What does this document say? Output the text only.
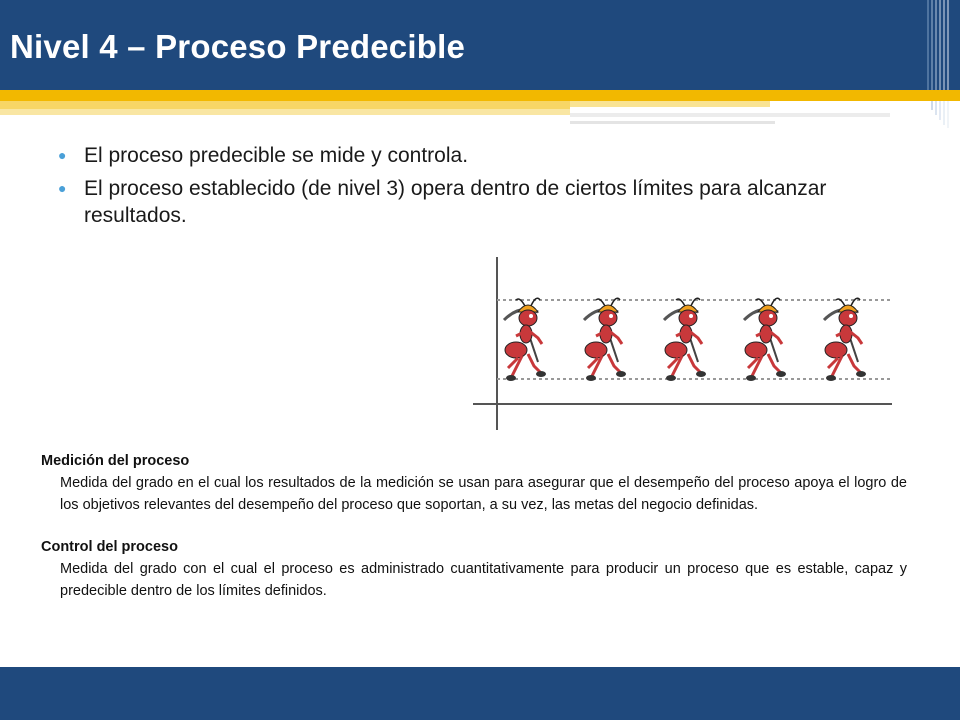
Nivel 4 – Proceso Predecible
● El proceso predecible se mide y controla.
● El proceso establecido (de nivel 3) opera dentro de ciertos límites para alcanzar resultados.
Medición del proceso
Medida del grado en el cual los resultados de la medición se usan para asegurar que el desempeño del proceso apoya el logro de los objetivos relevantes del desempeño del proceso que soportan, a su vez, las metas del negocio definidas.
Control del proceso
Medida del grado con el cual el proceso es administrado cuantitativamente para producir un proceso que es estable, capaz y predecible dentro de los límites definidos.
